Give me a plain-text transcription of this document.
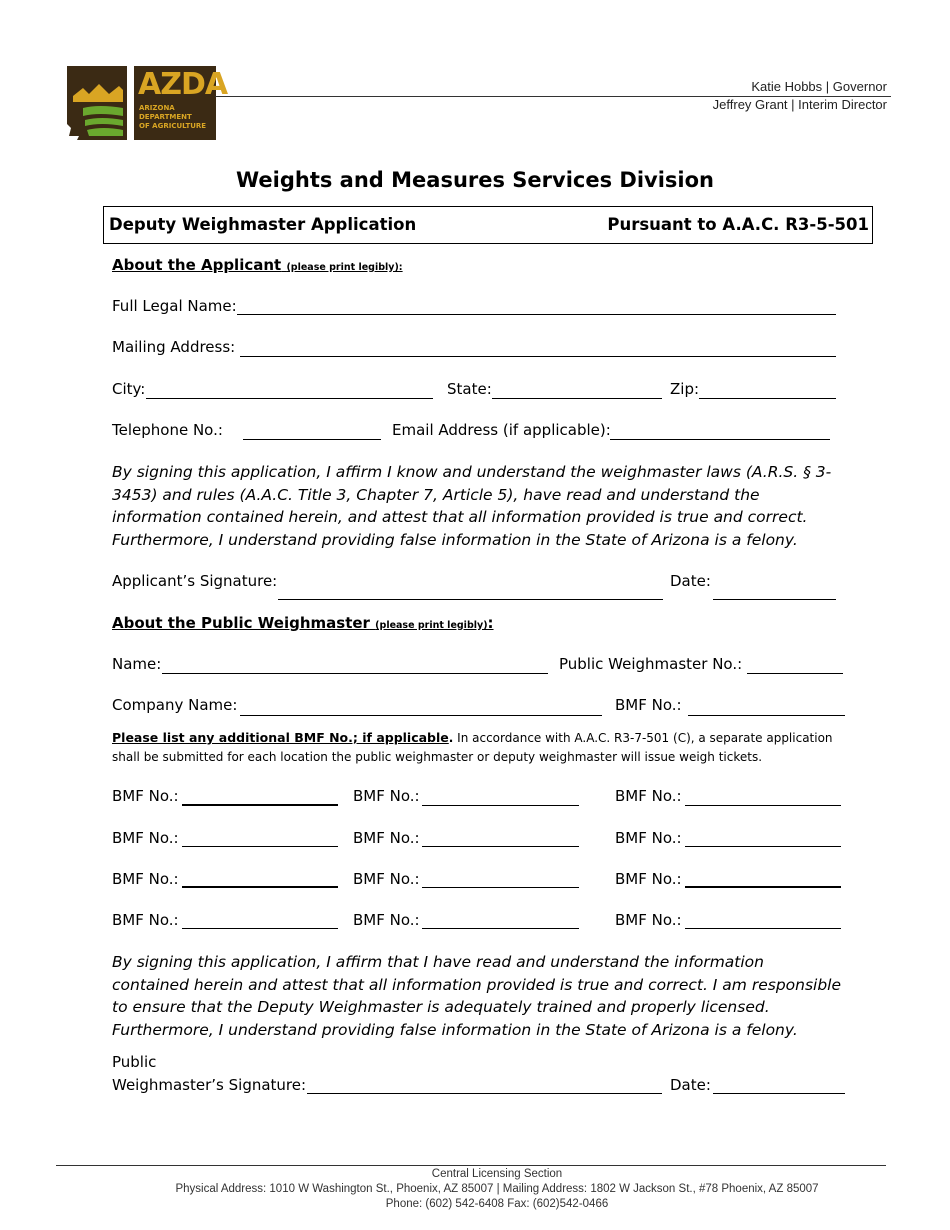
AZDA
ARIZONA
DEPARTMENT
OF AGRICULTURE
Katie Hobbs | Governor
Jeffrey Grant | Interim Director
Weights and Measures Services Division
Deputy Weighmaster Application	Pursuant to A.A.C. R3-5-501
About the Applicant (please print legibly):
Full Legal Name:
Mailing Address:
City:	State:	Zip:
Telephone No.:	Email Address (if applicable):
By signing this application, I affirm I know and understand the weighmaster laws (A.R.S. § 3-3453) and rules (A.A.C. Title 3, Chapter 7, Article 5), have read and understand the information contained herein, and attest that all information provided is true and correct. Furthermore, I understand providing false information in the State of Arizona is a felony.
Applicant’s Signature:	Date:
About the Public Weighmaster (please print legibly):
Name:	Public Weighmaster No.:
Company Name:	BMF No.:
Please list any additional BMF No.; if applicable. In accordance with A.A.C. R3-7-501 (C), a separate application shall be submitted for each location the public weighmaster or deputy weighmaster will issue weigh tickets.
BMF No.:	BMF No.:	BMF No.:
BMF No.:	BMF No.:	BMF No.:
BMF No.:	BMF No.:	BMF No.:
BMF No.:	BMF No.:	BMF No.:
By signing this application, I affirm that I have read and understand the information contained herein and attest that all information provided is true and correct. I am responsible to ensure that the Deputy Weighmaster is adequately trained and properly licensed. Furthermore, I understand providing false information in the State of Arizona is a felony.
Public
Weighmaster’s Signature:	Date:
Central Licensing Section
Physical Address: 1010 W Washington St., Phoenix, AZ 85007 | Mailing Address: 1802 W Jackson St., #78 Phoenix, AZ 85007
Phone: (602) 542-6408 Fax: (602)542-0466
